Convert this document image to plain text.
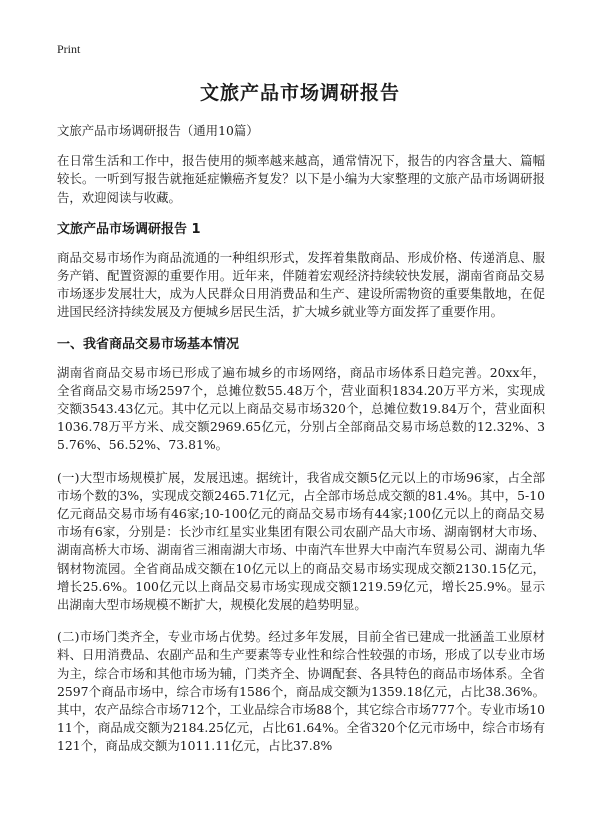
Print
文旅产品市场调研报告

文旅产品市场调研报告（通用10篇）

在日常生活和工作中，报告使用的频率越来越高，通常情况下，报告的内容含量大、篇幅较长。一听到写报告就拖延症懒癌齐复发？以下是小编为大家整理的文旅产品市场调研报告，欢迎阅读与收藏。

文旅产品市场调研报告 1

商品交易市场作为商品流通的一种组织形式，发挥着集散商品、形成价格、传递消息、服务产销、配置资源的重要作用。近年来，伴随着宏观经济持续较快发展，湖南省商品交易市场逐步发展壮大，成为人民群众日用消费品和生产、建设所需物资的重要集散地，在促进国民经济持续发展及方便城乡居民生活，扩大城乡就业等方面发挥了重要作用。

一、我省商品交易市场基本情况

湖南省商品交易市场已形成了遍布城乡的市场网络，商品市场体系日趋完善。20xx年，全省商品交易市场2597个，总摊位数55.48万个，营业面积1834.20万平方米，实现成交额3543.43亿元。其中亿元以上商品交易市场320个，总摊位数19.84万个，营业面积1036.78万平方米、成交额2969.65亿元，分别占全部商品交易市场总数的12.32%、35.76%、56.52%、73.81%。

(一)大型市场规模扩展，发展迅速。据统计，我省成交额5亿元以上的市场96家，占全部市场个数的3%，实现成交额2465.71亿元，占全部市场总成交额的81.4%。其中，5-10亿元商品交易市场有46家;10-100亿元的商品交易市场有44家;100亿元以上的商品交易市场有6家，分别是：长沙市红星实业集团有限公司农副产品大市场、湖南钢材大市场、湖南高桥大市场、湖南省三湘南湖大市场、中南汽车世界大中南汽车贸易公司、湖南九华钢材物流园。全省商品成交额在10亿元以上的商品交易市场实现成交额2130.15亿元，增长25.6%。100亿元以上商品交易市场实现成交额1219.59亿元，增长25.9%。显示出湖南大型市场规模不断扩大，规模化发展的趋势明显。

(二)市场门类齐全，专业市场占优势。经过多年发展，目前全省已建成一批涵盖工业原材料、日用消费品、农副产品和生产要素等专业性和综合性较强的市场，形成了以专业市场为主，综合市场和其他市场为辅，门类齐全、协调配套、各具特色的商品市场体系。全省2597个商品市场中，综合市场有1586个，商品成交额为1359.18亿元，占比38.36%。其中，农产品综合市场712个，工业品综合市场88个，其它综合市场777个。专业市场1011个，商品成交额为2184.25亿元，占比61.64%。全省320个亿元市场中，综合市场有121个，商品成交额为1011.11亿元，占比37.8%
